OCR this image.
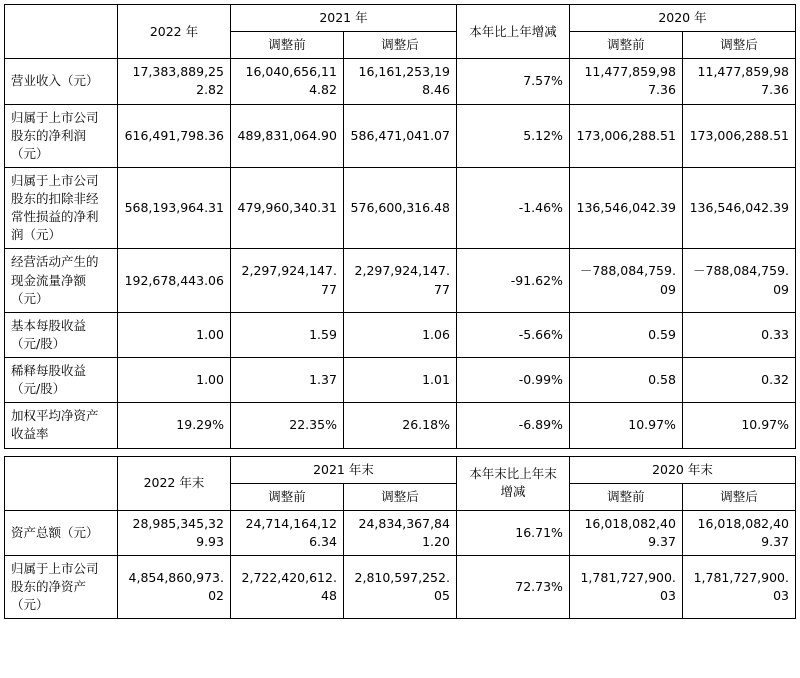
	2022 年	2021 年		本年比上年增减	2020 年	
		调整前	调整后		调整前	调整后
营业收入（元）	17,383,889,252.82	16,040,656,114.82	16,161,253,198.46	7.57%	11,477,859,987.36	11,477,859,987.36
归属于上市公司股东的净利润（元）	616,491,798.36	489,831,064.90	586,471,041.07	5.12%	173,006,288.51	173,006,288.51
归属于上市公司股东的扣除非经常性损益的净利润（元）	568,193,964.31	479,960,340.31	576,600,316.48	-1.46%	136,546,042.39	136,546,042.39
经营活动产生的现金流量净额（元）	192,678,443.06	2,297,924,147.77	2,297,924,147.77	-91.62%	－788,084,759.09	－788,084,759.09
基本每股收益（元/股）	1.00	1.59	1.06	-5.66%	0.59	0.33
稀释每股收益（元/股）	1.00	1.37	1.01	-0.99%	0.58	0.32
加权平均净资产收益率	19.29%	22.35%	26.18%	-6.89%	10.97%	10.97%
	2022 年末	2021 年末		本年末比上年末增减	2020 年末	
		调整前	调整后		调整前	调整后
资产总额（元）	28,985,345,329.93	24,714,164,126.34	24,834,367,841.20	16.71%	16,018,082,409.37	16,018,082,409.37
归属于上市公司股东的净资产（元）	4,854,860,973.02	2,722,420,612.48	2,810,597,252.05	72.73%	1,781,727,900.03	1,781,727,900.03
